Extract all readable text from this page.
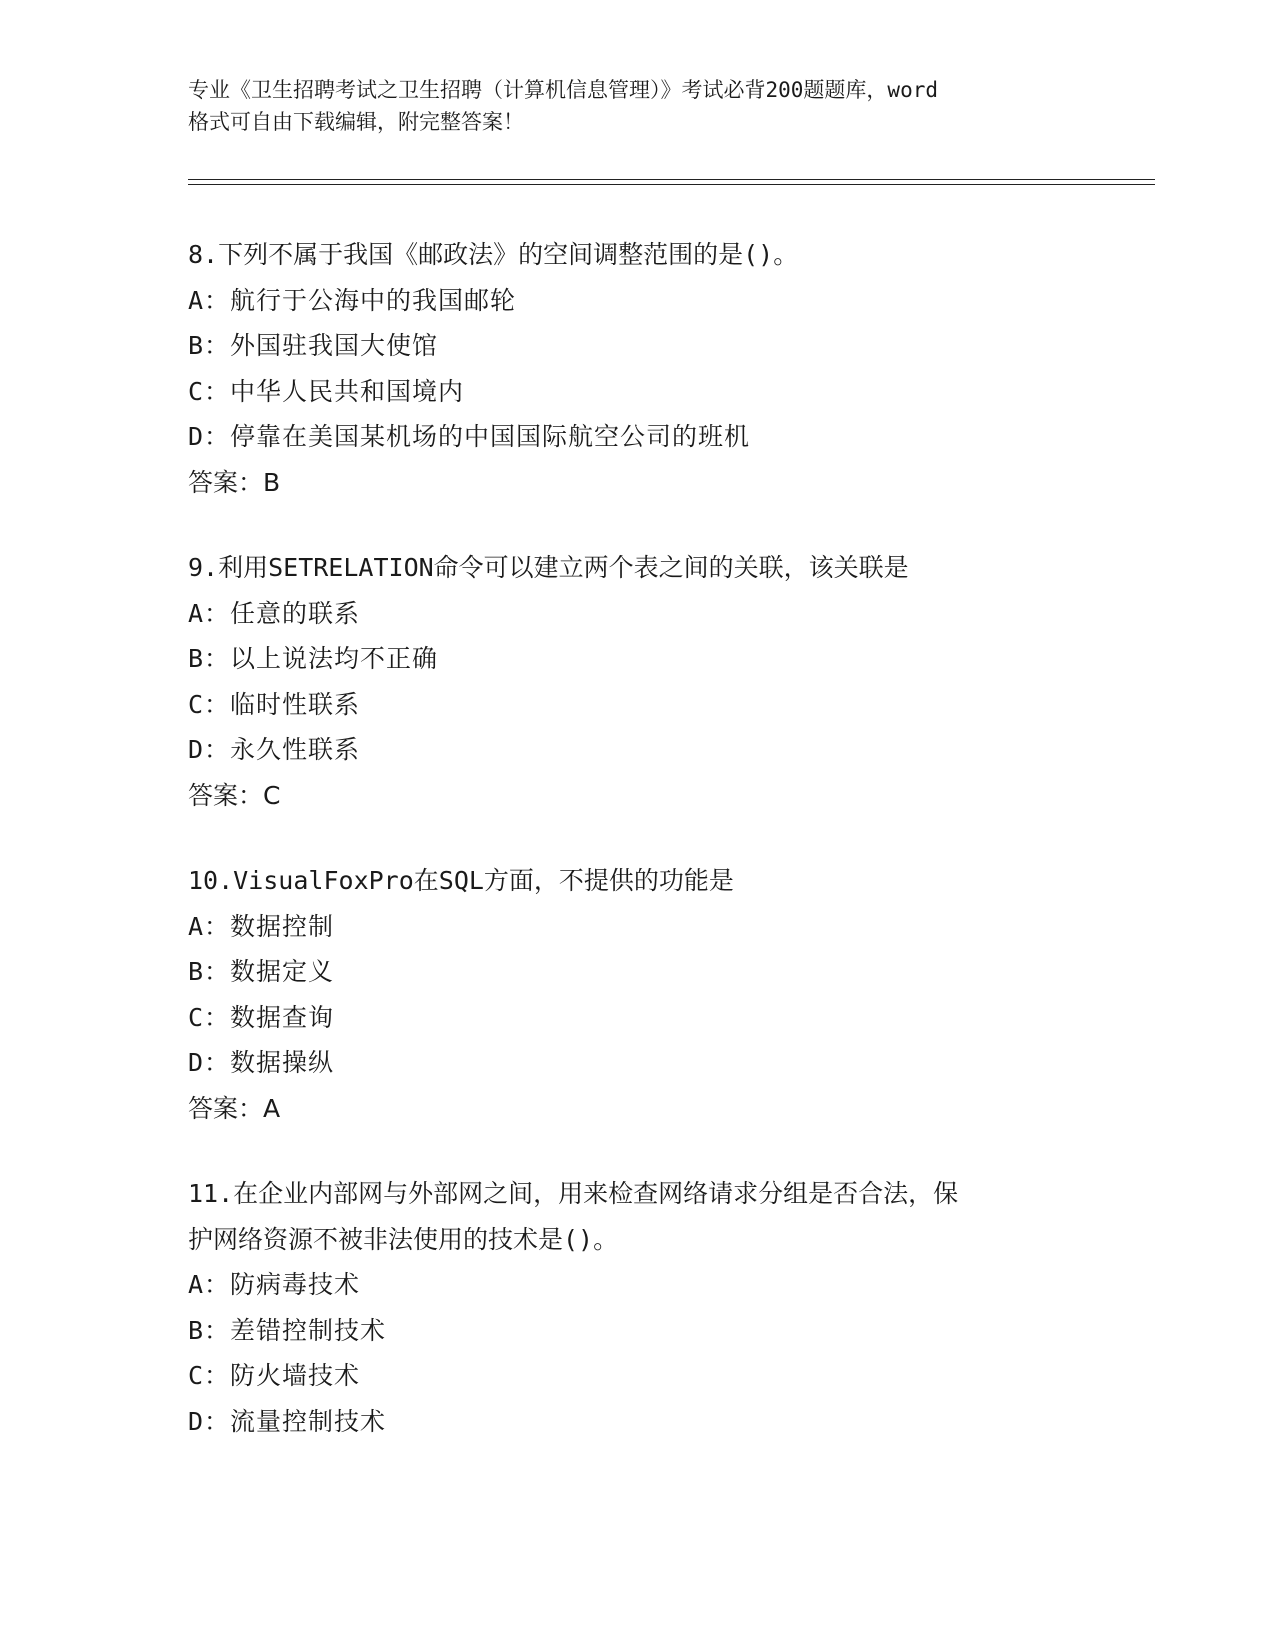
专业《卫生招聘考试之卫生招聘（计算机信息管理）》考试必背200题题库，word
格式可自由下载编辑，附完整答案！
8.下列不属于我国《邮政法》的空间调整范围的是()。
A：航行于公海中的我国邮轮
B：外国驻我国大使馆
C：中华人民共和国境内
D：停靠在美国某机场的中国国际航空公司的班机
答案：B
9.利用SETRELATION命令可以建立两个表之间的关联，该关联是
A：任意的联系
B：以上说法均不正确
C：临时性联系
D：永久性联系
答案：C
10.VisualFoxPro在SQL方面，不提供的功能是
A：数据控制
B：数据定义
C：数据查询
D：数据操纵
答案：A
11.在企业内部网与外部网之间，用来检查网络请求分组是否合法，保
护网络资源不被非法使用的技术是()。
A：防病毒技术
B：差错控制技术
C：防火墙技术
D：流量控制技术
